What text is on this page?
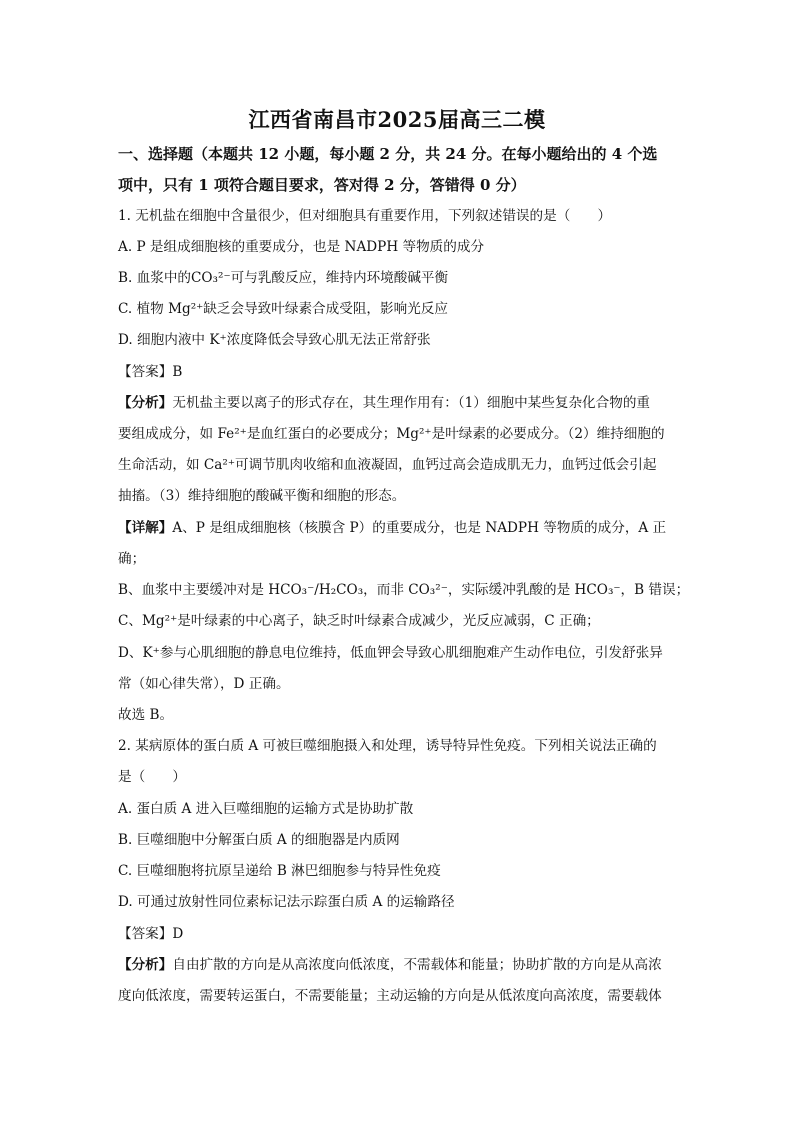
江西省南昌市2025届高三二模
一、选择题（本题共 12 小题，每小题 2 分，共 24 分。在每小题给出的 4 个选
项中，只有 1 项符合题目要求，答对得 2 分，答错得 0 分）
1. 无机盐在细胞中含量很少，但对细胞具有重要作用，下列叙述错误的是（　　）
A. P 是组成细胞核的重要成分，也是 NADPH 等物质的成分
B. 血浆中的CO₃²⁻可与乳酸反应，维持内环境酸碱平衡
C. 植物 Mg²⁺缺乏会导致叶绿素合成受阻，影响光反应
D. 细胞内液中 K⁺浓度降低会导致心肌无法正常舒张
【答案】B
【分析】无机盐主要以离子的形式存在，其生理作用有：（1）细胞中某些复杂化合物的重
要组成成分，如 Fe²⁺是血红蛋白的必要成分；Mg²⁺是叶绿素的必要成分。（2）维持细胞的
生命活动，如 Ca²⁺可调节肌肉收缩和血液凝固，血钙过高会造成肌无力，血钙过低会引起
抽搐。（3）维持细胞的酸碱平衡和细胞的形态。
【详解】A、P 是组成细胞核（核膜含 P）的重要成分，也是 NADPH 等物质的成分，A 正
确；
B、血浆中主要缓冲对是 HCO₃⁻/H₂CO₃，而非 CO₃²⁻，实际缓冲乳酸的是 HCO₃⁻，B 错误；
C、Mg²⁺是叶绿素的中心离子，缺乏时叶绿素合成减少，光反应减弱，C 正确；
D、K⁺参与心肌细胞的静息电位维持，低血钾会导致心肌细胞难产生动作电位，引发舒张异
常（如心律失常），D 正确。
故选 B。
2. 某病原体的蛋白质 A 可被巨噬细胞摄入和处理，诱导特异性免疫。下列相关说法正确的
是（　　）
A. 蛋白质 A 进入巨噬细胞的运输方式是协助扩散
B. 巨噬细胞中分解蛋白质 A 的细胞器是内质网
C. 巨噬细胞将抗原呈递给 B 淋巴细胞参与特异性免疫
D. 可通过放射性同位素标记法示踪蛋白质 A 的运输路径
【答案】D
【分析】自由扩散的方向是从高浓度向低浓度，不需载体和能量；协助扩散的方向是从高浓
度向低浓度，需要转运蛋白，不需要能量；主动运输的方向是从低浓度向高浓度，需要载体
